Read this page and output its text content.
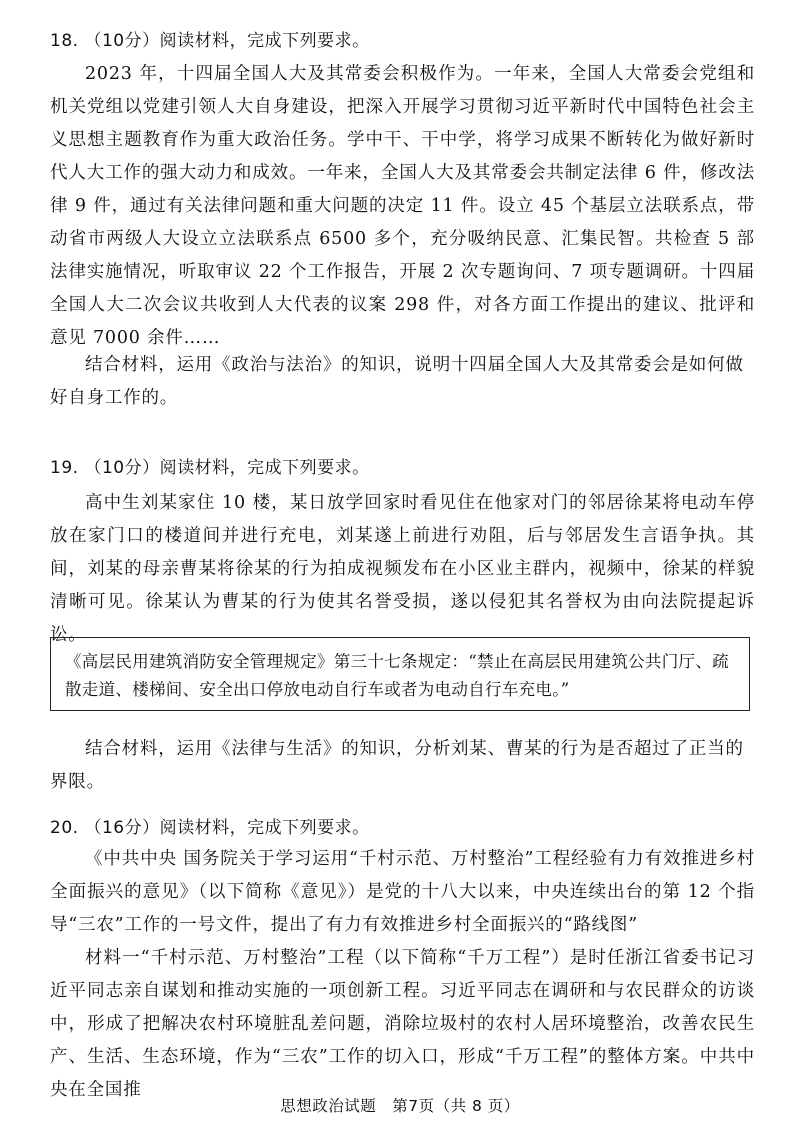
18. （10分）阅读材料，完成下列要求。
2023 年，十四届全国人大及其常委会积极作为。一年来，全国人大常委会党组和机关党组以党建引领人大自身建设，把深入开展学习贯彻习近平新时代中国特色社会主义思想主题教育作为重大政治任务。学中干、干中学，将学习成果不断转化为做好新时代人大工作的强大动力和成效。一年来，全国人大及其常委会共制定法律 6 件，修改法律 9 件，通过有关法律问题和重大问题的决定 11 件。设立 45 个基层立法联系点，带动省市两级人大设立立法联系点 6500 多个，充分吸纳民意、汇集民智。共检查 5 部法律实施情况，听取审议 22 个工作报告，开展 2 次专题询问、7 项专题调研。十四届全国人大二次会议共收到人大代表的议案 298 件，对各方面工作提出的建议、批评和意见 7000 余件……
结合材料，运用《政治与法治》的知识，说明十四届全国人大及其常委会是如何做好自身工作的。
19. （10分）阅读材料，完成下列要求。
高中生刘某家住 10 楼，某日放学回家时看见住在他家对门的邻居徐某将电动车停放在家门口的楼道间并进行充电，刘某遂上前进行劝阻，后与邻居发生言语争执。其间，刘某的母亲曹某将徐某的行为拍成视频发布在小区业主群内，视频中，徐某的样貌清晰可见。徐某认为曹某的行为使其名誉受损，遂以侵犯其名誉权为由向法院提起诉讼。
《高层民用建筑消防安全管理规定》第三十七条规定：“禁止在高层民用建筑公共门厅、疏散走道、楼梯间、安全出口停放电动自行车或者为电动自行车充电。”
结合材料，运用《法律与生活》的知识，分析刘某、曹某的行为是否超过了正当的界限。
20. （16分）阅读材料，完成下列要求。
《中共中央 国务院关于学习运用“千村示范、万村整治”工程经验有力有效推进乡村全面振兴的意见》（以下简称《意见》）是党的十八大以来，中央连续出台的第 12 个指导“三农”工作的一号文件，提出了有力有效推进乡村全面振兴的“路线图”
材料一“千村示范、万村整治”工程（以下简称“千万工程”）是时任浙江省委书记习近平同志亲自谋划和推动实施的一项创新工程。习近平同志在调研和与农民群众的访谈中，形成了把解决农村环境脏乱差问题，消除垃圾村的农村人居环境整治，改善农民生产、生活、生态环境，作为“三农”工作的切入口，形成“千万工程”的整体方案。中共中央在全国推
思想政治试题　第7页（共 8 页）
